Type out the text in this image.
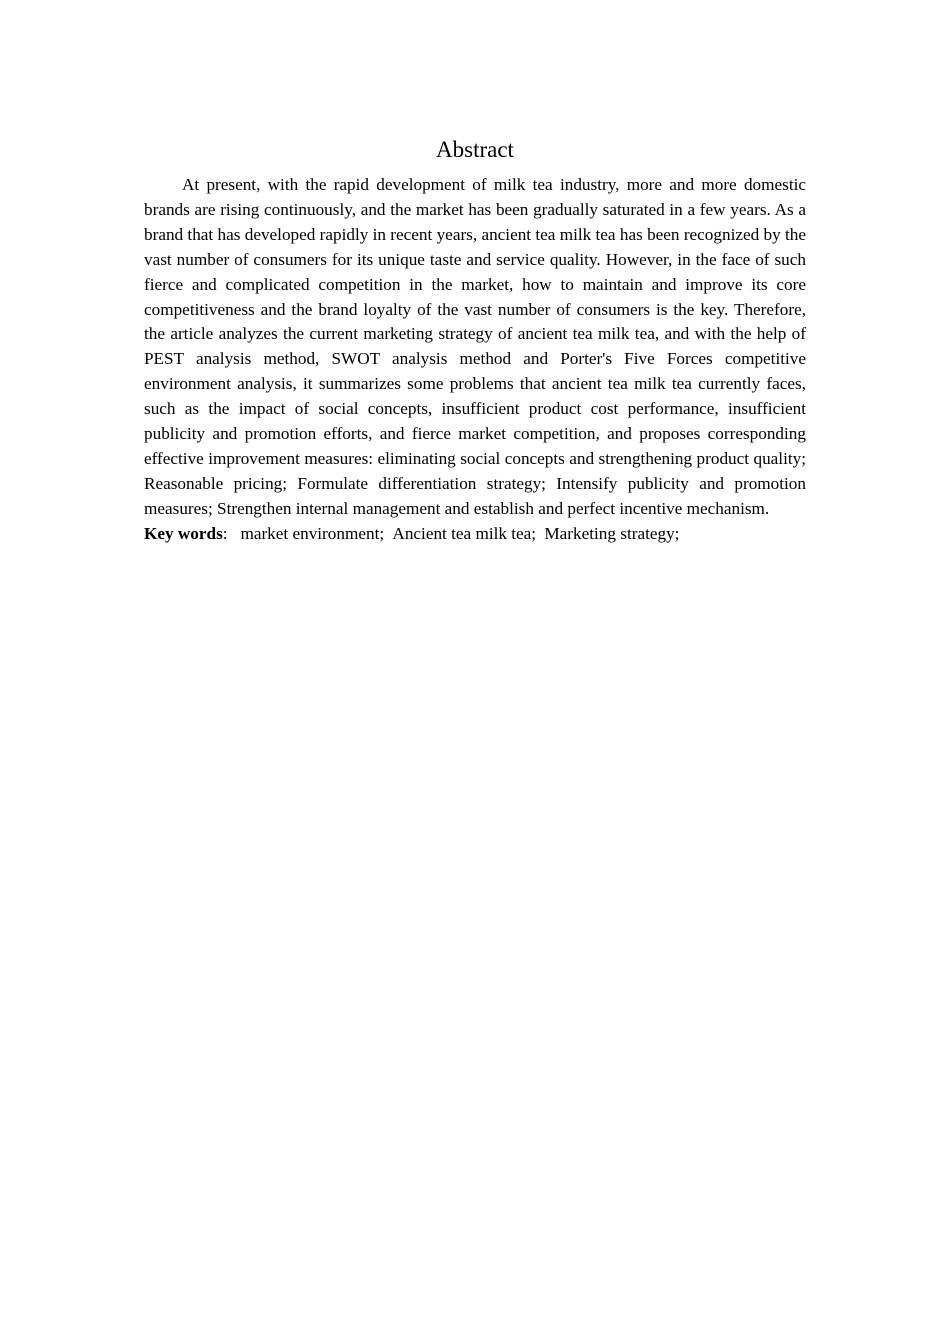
Abstract

At present, with the rapid development of milk tea industry, more and more domestic brands are rising continuously, and the market has been gradually saturated in a few years. As a brand that has developed rapidly in recent years, ancient tea milk tea has been recognized by the vast number of consumers for its unique taste and service quality. However, in the face of such fierce and complicated competition in the market, how to maintain and improve its core competitiveness and the brand loyalty of the vast number of consumers is the key. Therefore, the article analyzes the current marketing strategy of ancient tea milk tea, and with the help of PEST analysis method, SWOT analysis method and Porter's Five Forces competitive environment analysis, it summarizes some problems that ancient tea milk tea currently faces, such as the impact of social concepts, insufficient product cost performance, insufficient publicity and promotion efforts, and fierce market competition, and proposes corresponding effective improvement measures: eliminating social concepts and strengthening product quality; Reasonable pricing; Formulate differentiation strategy; Intensify publicity and promotion measures; Strengthen internal management and establish and perfect incentive mechanism.

Key words: market environment; Ancient tea milk tea; Marketing strategy;
